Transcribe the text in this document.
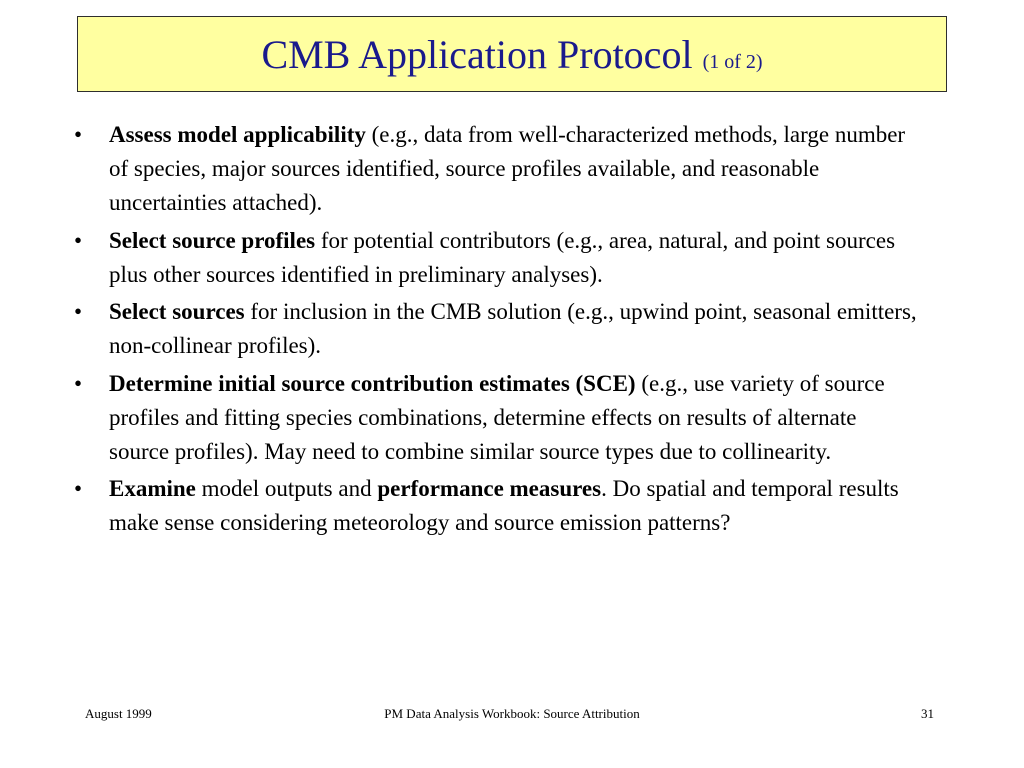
CMB Application Protocol (1 of 2)
• Assess model applicability (e.g., data from well-characterized methods, large number of species, major sources identified, source profiles available, and reasonable uncertainties attached).
• Select source profiles for potential contributors (e.g., area, natural, and point sources plus other sources identified in preliminary analyses).
• Select sources for inclusion in the CMB solution (e.g., upwind point, seasonal emitters, non-collinear profiles).
• Determine initial source contribution estimates (SCE) (e.g., use variety of source profiles and fitting species combinations, determine effects on results of alternate source profiles). May need to combine similar source types due to collinearity.
• Examine model outputs and performance measures. Do spatial and temporal results make sense considering meteorology and source emission patterns?
August 1999	PM Data Analysis Workbook: Source Attribution	31
